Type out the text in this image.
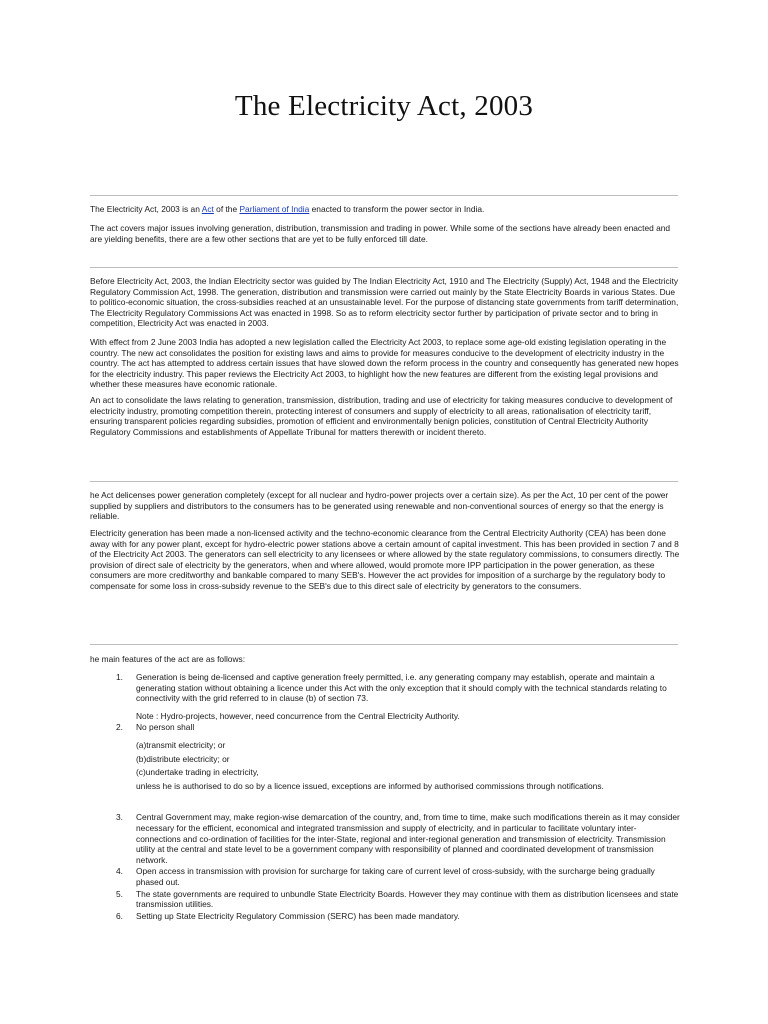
The Electricity Act, 2003

The Electricity Act, 2003 is an Act of the Parliament of India enacted to transform the power sector in India.

The act covers major issues involving generation, distribution, transmission and trading in power. While some of the sections have already been enacted and are yielding benefits, there are a few other sections that are yet to be fully enforced till date.

Before Electricity Act, 2003, the Indian Electricity sector was guided by The Indian Electricity Act, 1910 and The Electricity (Supply) Act, 1948 and the Electricity Regulatory Commission Act, 1998. The generation, distribution and transmission were carried out mainly by the State Electricity Boards in various States. Due to politico-economic situation, the cross-subsidies reached at an unsustainable level. For the purpose of distancing state governments from tariff determination, The Electricity Regulatory Commissions Act was enacted in 1998. So as to reform electricity sector further by participation of private sector and to bring in competition, Electricity Act was enacted in 2003.

With effect from 2 June 2003 India has adopted a new legislation called the Electricity Act 2003, to replace some age-old existing legislation operating in the country. The new act consolidates the position for existing laws and aims to provide for measures conducive to the development of electricity industry in the country. The act has attempted to address certain issues that have slowed down the reform process in the country and consequently has generated new hopes for the electricity industry. This paper reviews the Electricity Act 2003, to highlight how the new features are different from the existing legal provisions and whether these measures have economic rationale.

An act to consolidate the laws relating to generation, transmission, distribution, trading and use of electricity for taking measures conducive to development of electricity industry, promoting competition therein, protecting interest of consumers and supply of electricity to all areas, rationalisation of electricity tariff, ensuring transparent policies regarding subsidies, promotion of efficient and environmentally benign policies, constitution of Central Electricity Authority Regulatory Commissions and establishments of Appellate Tribunal for matters therewith or incident thereto.

he Act delicenses power generation completely (except for all nuclear and hydro-power projects over a certain size). As per the Act, 10 per cent of the power supplied by suppliers and distributors to the consumers has to be generated using renewable and non-conventional sources of energy so that the energy is reliable.

Electricity generation has been made a non-licensed activity and the techno-economic clearance from the Central Electricity Authority (CEA) has been done away with for any power plant, except for hydro-electric power stations above a certain amount of capital investment. This has been provided in section 7 and 8 of the Electricity Act 2003. The generators can sell electricity to any licensees or where allowed by the state regulatory commissions, to consumers directly. The provision of direct sale of electricity by the generators, when and where allowed, would promote more IPP participation in the power generation, as these consumers are more creditworthy and bankable compared to many SEB's. However the act provides for imposition of a surcharge by the regulatory body to compensate for some loss in cross-subsidy revenue to the SEB's due to this direct sale of electricity by generators to the consumers.

he main features of the act are as follows:

1. Generation is being de-licensed and captive generation freely permitted, i.e. any generating company may establish, operate and maintain a generating station without obtaining a licence under this Act with the only exception that it should comply with the technical standards relating to connectivity with the grid referred to in clause (b) of section 73.
Note : Hydro-projects, however, need concurrence from the Central Electricity Authority.
2. No person shall
(a)transmit electricity; or
(b)distribute electricity; or
(c)undertake trading in electricity,
unless he is authorised to do so by a licence issued, exceptions are informed by authorised commissions through notifications.
3. Central Government may, make region-wise demarcation of the country, and, from time to time, make such modifications therein as it may consider necessary for the efficient, economical and integrated transmission and supply of electricity, and in particular to facilitate voluntary inter-connections and co-ordination of facilities for the inter-State, regional and inter-regional generation and transmission of electricity. Transmission utility at the central and state level to be a government company with responsibility of planned and coordinated development of transmission network.
4. Open access in transmission with provision for surcharge for taking care of current level of cross-subsidy, with the surcharge being gradually phased out.
5. The state governments are required to unbundle State Electricity Boards. However they may continue with them as distribution licensees and state transmission utilities.
6. Setting up State Electricity Regulatory Commission (SERC) has been made mandatory.
